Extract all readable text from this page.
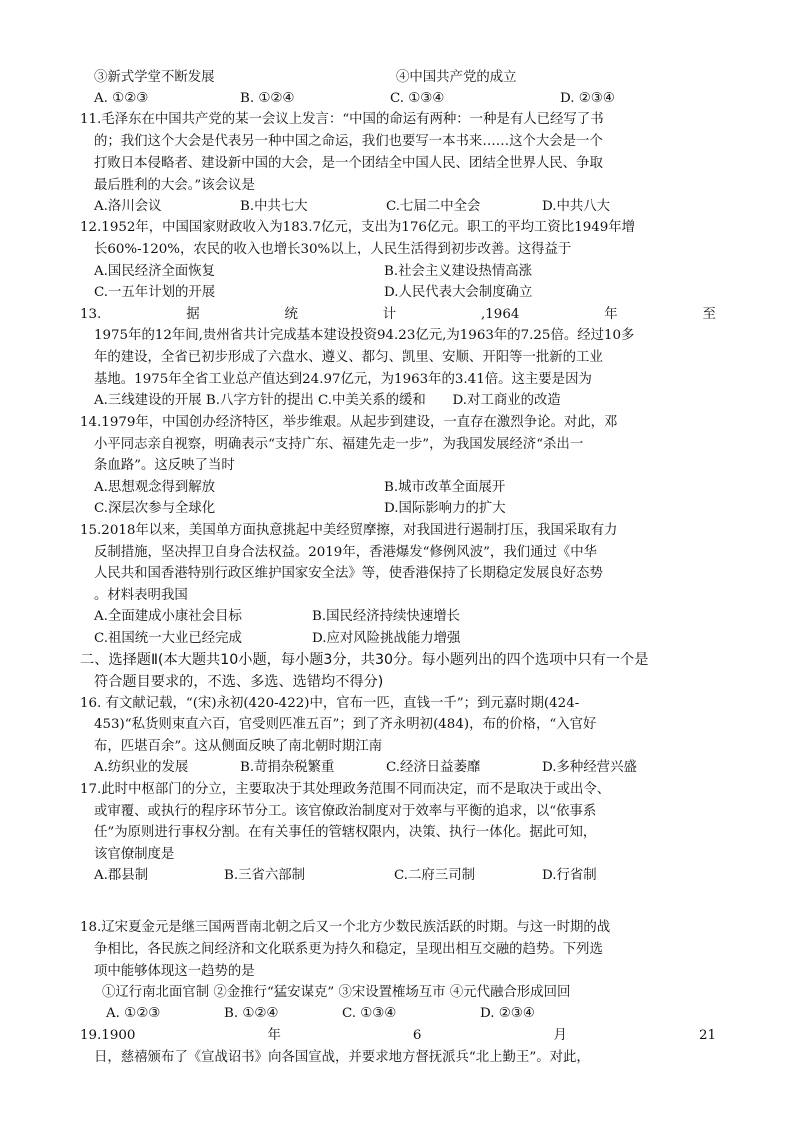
③新式学堂不断发展	④中国共产党的成立
A. ①②③	B. ①②④	C. ①③④	D. ②③④
11.毛泽东在中国共产党的某一会议上发言：“中国的命运有两种：一种是有人已经写了书
的；我们这个大会是代表另一种中国之命运，我们也要写一本书来……这个大会是一个
打败日本侵略者、建设新中国的大会，是一个团结全中国人民、团结全世界人民、争取
最后胜利的大会。”该会议是
A.洛川会议	B.中共七大	C.七届二中全会	D.中共八大
12.1952年，中国国家财政收入为183.7亿元，支出为176亿元。职工的平均工资比1949年增
长60%-120%，农民的收入也增长30%以上，人民生活得到初步改善。这得益于
A.国民经济全面恢复	B.社会主义建设热情高涨
C.一五年计划的开展	D.人民代表大会制度确立
13.	据	统	计	,1964	年	至
1975年的12年间,贵州省共计完成基本建设投资94.23亿元,为1963年的7.25倍。经过10多
年的建设，全省已初步形成了六盘水、遵义、都匀、凯里、安顺、开阳等一批新的工业
基地。1975年全省工业总产值达到24.97亿元，为1963年的3.41倍。这主要是因为
A.三线建设的开展 B.八字方针的提出 C.中美关系的缓和　　D.对工商业的改造
14.1979年，中国创办经济特区，举步维艰。从起步到建设，一直存在激烈争论。对此，邓
小平同志亲自视察，明确表示“支持广东、福建先走一步”，为我国发展经济“杀出一
条血路”。这反映了当时
A.思想观念得到解放	B.城市改革全面展开
C.深层次参与全球化	D.国际影响力的扩大
15.2018年以来，美国单方面执意挑起中美经贸摩擦，对我国进行遏制打压，我国采取有力
反制措施，坚决捍卫自身合法权益。2019年，香港爆发“修例风波”，我们通过《中华
人民共和国香港特别行政区维护国家安全法》等，使香港保持了长期稳定发展良好态势
。材料表明我国
A.全面建成小康社会目标	B.国民经济持续快速增长
C.祖国统一大业已经完成	D.应对风险挑战能力增强
二、选择题Ⅱ(本大题共10小题，每小题3分，共30分。每小题列出的四个选项中只有一个是
符合题目要求的，不选、多选、选错均不得分)
16. 有文献记载，“(宋)永初(420-422)中，官布一匹，直钱一千”；到元嘉时期(424-
453)“私货则束直六百，官受则匹准五百”；到了齐永明初(484)，布的价格，“入官好
布，匹堪百余”。这从侧面反映了南北朝时期江南
A.纺织业的发展	B.苛捐杂税繁重	C.经济日益萎靡	D.多种经营兴盛
17.此时中枢部门的分立，主要取决于其处理政务范围不同而决定，而不是取决于或出令、
或审覆、或执行的程序环节分工。该官僚政治制度对于效率与平衡的追求，以“依事系
任”为原则进行事权分割。在有关事任的管辖权限内，决策、执行一体化。据此可知，
该官僚制度是
A.郡县制	B.三省六部制	C.二府三司制	D.行省制
18.辽宋夏金元是继三国两晋南北朝之后又一个北方少数民族活跃的时期。与这一时期的战
争相比，各民族之间经济和文化联系更为持久和稳定，呈现出相互交融的趋势。下列选
项中能够体现这一趋势的是
①辽行南北面官制 ②金推行“猛安谋克” ③宋设置榷场互市 ④元代融合形成回回
A. ①②③	B. ①②④	C. ①③④	D. ②③④
19.1900	年	6	月	21
日，慈禧颁布了《宣战诏书》向各国宣战，并要求地方督抚派兵“北上勤王”。对此，
